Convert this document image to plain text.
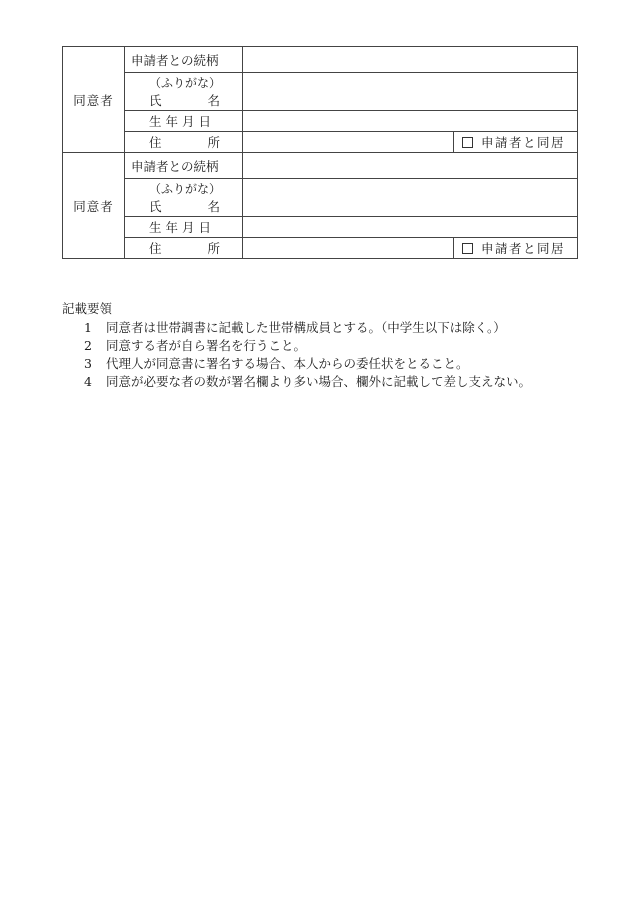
同意者	申請者との続柄		

	（ふりがな）
氏 名		

	生年月日		

	住 所		申請者と同居
同意者	申請者との続柄		

	（ふりがな）
氏 名		

	生年月日		

	住 所		申請者と同居
記載要領
1	同意者は世帯調書に記載した世帯構成員とする。（中学生以下は除く。）
2	同意する者が自ら署名を行うこと。
3	代理人が同意書に署名する場合、本人からの委任状をとること。
4	同意が必要な者の数が署名欄より多い場合、欄外に記載して差し支えない。
